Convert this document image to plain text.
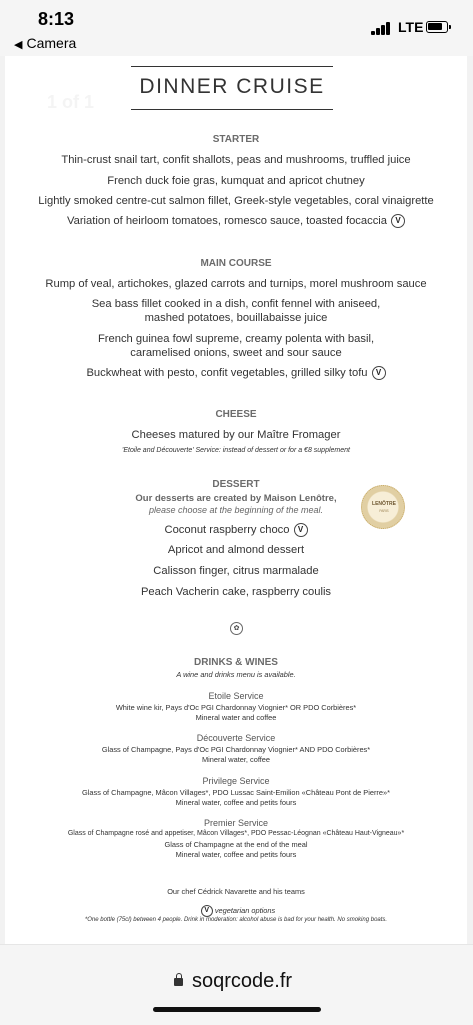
8:13
◀ Camera
LTE
1 of 1
DINNER CRUISE
STARTER
Thin-crust snail tart, confit shallots, peas and mushrooms, truffled juice
French duck foie gras, kumquat and apricot chutney
Lightly smoked centre-cut salmon fillet, Greek-style vegetables, coral vinaigrette
Variation of heirloom tomatoes, romesco sauce, toasted focaccia V
MAIN COURSE
Rump of veal, artichokes, glazed carrots and turnips, morel mushroom sauce
Sea bass fillet cooked in a dish, confit fennel with aniseed,
mashed potatoes, bouillabaisse juice
French guinea fowl supreme, creamy polenta with basil,
caramelised onions, sweet and sour sauce
Buckwheat with pesto, confit vegetables, grilled silky tofu V
CHEESE
Cheeses matured by our Maître Fromager
'Etoile and Découverte' Service: instead of dessert or for a €8 supplement
DESSERT
Our desserts are created by Maison Lenôtre,
please choose at the beginning of the meal.
Coconut raspberry choco V
Apricot and almond dessert
Calisson finger, citrus marmalade
Peach Vacherin cake, raspberry coulis
LENÔTRE
PARIS
✿
DRINKS & WINES
A wine and drinks menu is available.
Etoile Service
White wine kir, Pays d'Oc PGI Chardonnay Viognier* OR PDO Corbières*
Mineral water and coffee
Découverte Service
Glass of Champagne, Pays d'Oc PGI Chardonnay Viognier* AND PDO Corbières*
Mineral water, coffee
Privilege Service
Glass of Champagne, Mâcon Villages*, PDO Lussac Saint-Emilion «Château Pont de Pierre»*
Mineral water, coffee and petits fours
Premier Service
Glass of Champagne rosé and appetiser, Mâcon Villages*, PDO Pessac-Léognan «Château Haut-Vigneau»*
Glass of Champagne at the end of the meal
Mineral water, coffee and petits fours
Our chef Cédrick Navarette and his teams
V vegetarian options
*One bottle (75cl) between 4 people. Drink in moderation: alcohol abuse is bad for your health. No smoking boats.
soqrcode.fr
